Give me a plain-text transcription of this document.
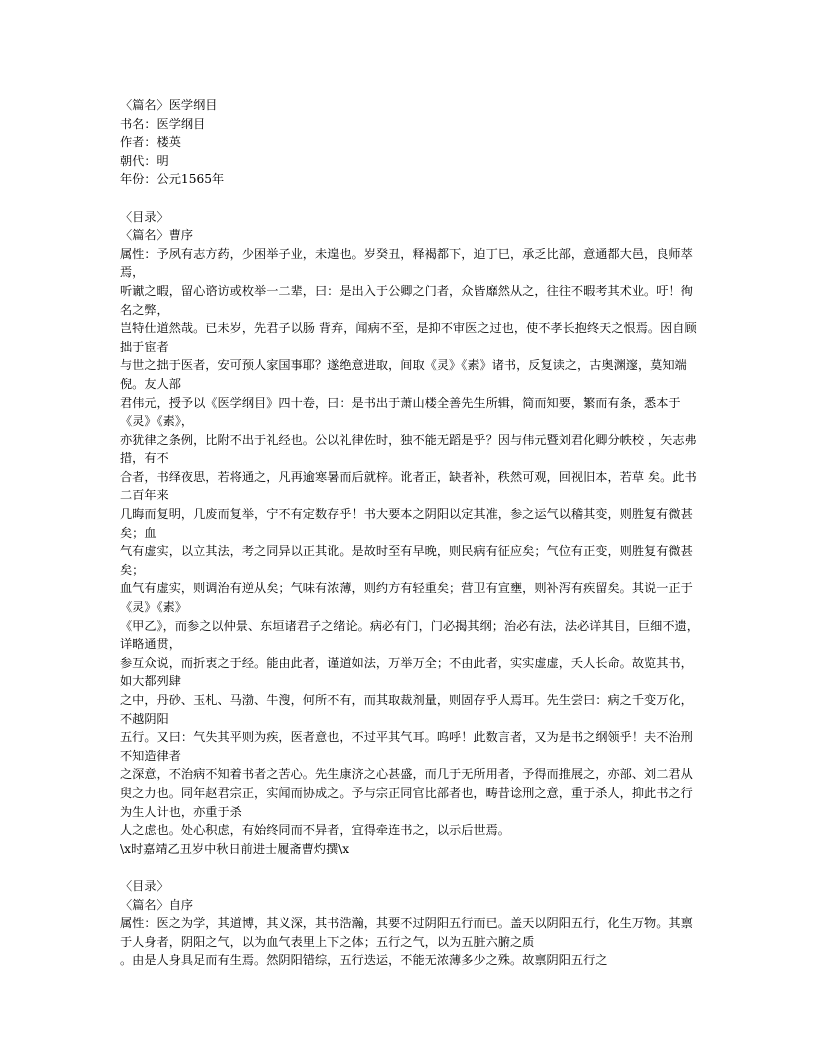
〈篇名〉医学纲目

书名：医学纲目

作者：楼英

朝代：明

年份：公元1565年

〈目录〉

〈篇名〉曹序

属性：予夙有志方药，少困举子业，未遑也。岁癸丑，释褐都下，迫丁巳，承乏比部，意通都大邑，良师萃焉，

听谳之暇，留心谘访或枚举一二辈，曰：是出入于公卿之门者，众皆靡然从之，往往不暇考其术业。吁！徇名之弊，

岂特仕道然哉。已未岁，先君子以肠 背弃，闻病不至，是抑不审医之过也，使不孝长抱终天之恨焉。因自顾拙于宦者

与世之拙于医者，安可预人家国事耶？遂绝意进取，间取《灵》《素》诸书，反复读之，古奥渊邃，莫知端倪。友人部

君伟元，授予以《医学纲目》四十卷，曰：是书出于萧山楼全善先生所辑，简而知要，繁而有条，悉本于《灵》《素》，

亦犹律之条例，比附不出于礼经也。公以礼律佐时，独不能无蹈是乎？因与伟元暨刘君化卿分帙校 ，矢志弗措，有不

合者，书绎夜思，若将通之，凡再逾寒暑而后就梓。讹者正，缺者补，秩然可观，回视旧本，若草 矣。此书二百年来

几晦而复明，几废而复举，宁不有定数存乎！书大要本之阴阳以定其准，参之运气以稽其变，则胜复有微甚矣；血

气有虚实，以立其法，考之同异以正其讹。是故时至有早晚，则民病有征应矣；气位有正变，则胜复有微甚矣；

血气有虚实，则调治有逆从矣；气味有浓薄，则约方有轻重矣；营卫有宣壅，则补泻有疾留矣。其说一正于《灵》《素》

《甲乙》，而参之以仲景、东垣诸君子之绪论。病必有门，门必揭其纲；治必有法，法必详其目，巨细不遗，详略通贯，

参互众说，而折衷之于经。能由此者，谨道如法，万举万全；不由此者，实实虚虚，夭人长命。故览其书，如大都列肆

之中，丹砂、玉札、马渤、牛溲，何所不有，而其取裁剂量，则固存乎人焉耳。先生尝曰：病之千变万化，不越阴阳

五行。又曰：气失其平则为疾，医者意也，不过平其气耳。呜呼！此数言者，又为是书之纲领乎！夫不治刑不知造律者

之深意，不治病不知着书者之苦心。先生康济之心甚盛，而几于无所用者，予得而推展之，亦部、刘二君从臾之力也。同年赵君宗正，实闻而协成之。予与宗正同官比部者也，畴昔谂刑之意，重于杀人，抑此书之行为生人计也，亦重于杀

人之虑也。处心积虑，有始终同而不异者，宜得牵连书之，以示后世焉。

\x时嘉靖乙丑岁中秋日前进士履斋曹灼撰\x

〈目录〉

〈篇名〉自序

属性：医之为学，其道博，其义深，其书浩瀚，其要不过阴阳五行而已。盖天以阴阳五行，化生万物。其禀于人身者，阴阳之气，以为血气表里上下之体；五行之气，以为五脏六腑之质

。由是人身具足而有生焉。然阴阳错综，五行迭运，不能无浓薄多少之殊。故禀阴阳五行之
